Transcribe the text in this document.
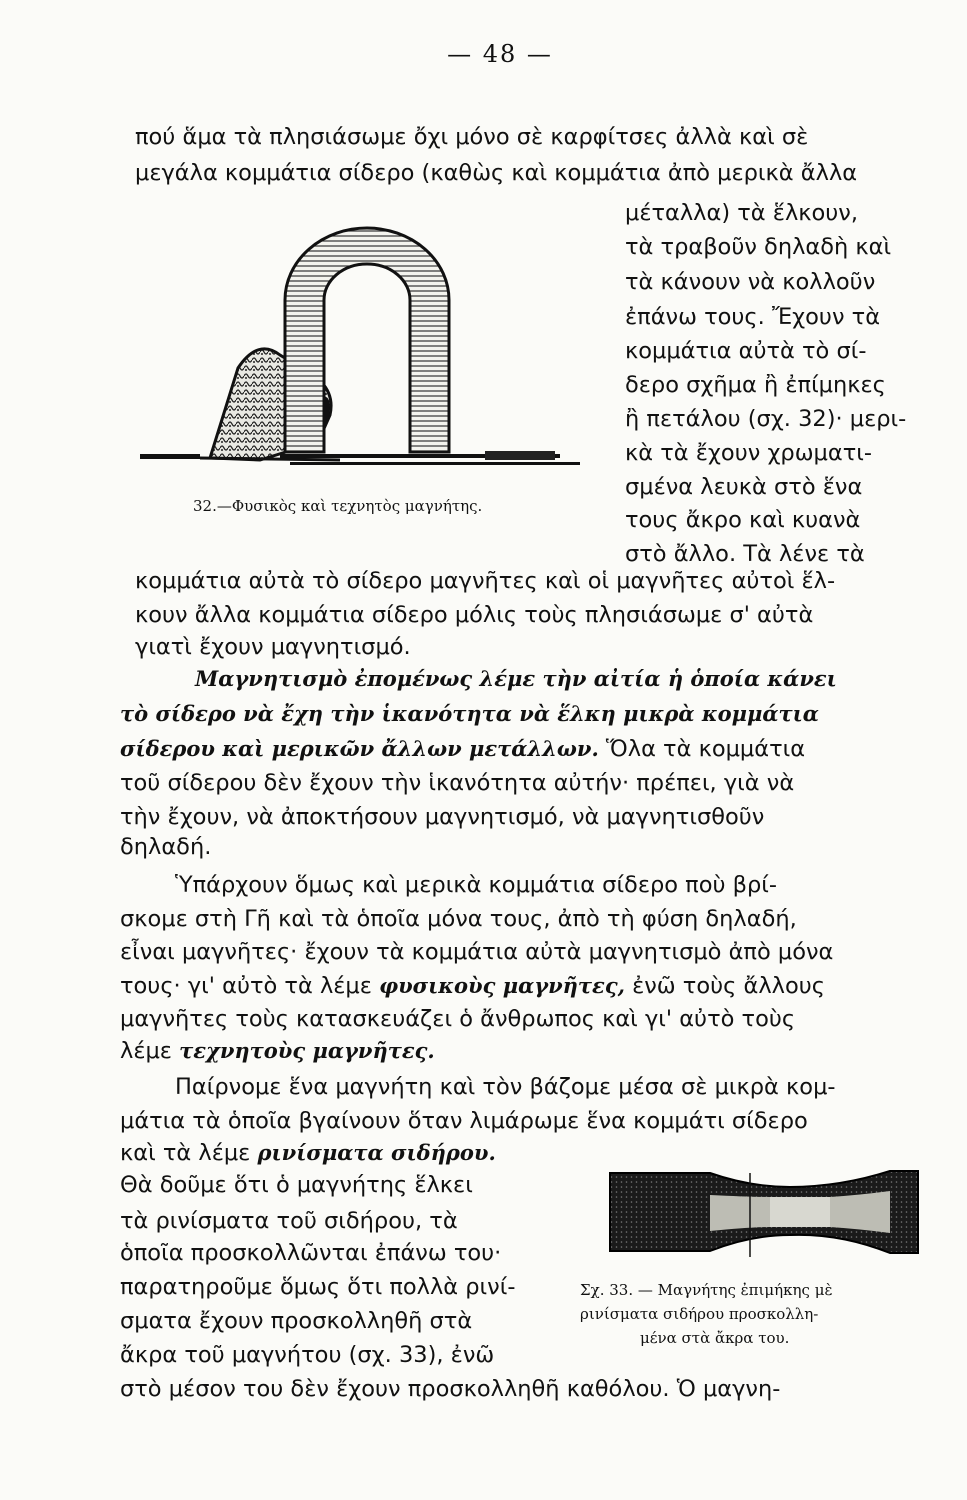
— 48 —
πού ἅμα τὰ πλησιάσωμε ὄχι μόνο σὲ καρφίτσες ἀλλὰ καὶ σὲ
μεγάλα κομμάτια σίδερο (καθὼς καὶ κομμάτια ἀπὸ μερικὰ ἄλλα
μέταλλα) τὰ ἕλκουν,
τὰ τραβοῦν δηλαδὴ καὶ
τὰ κάνουν νὰ κολλοῦν
ἐπάνω τους. Ἔχουν τὰ
κομμάτια αὐτὰ τὸ σί-
δερο σχῆμα ἢ ἐπίμηκες
ἢ πετάλου (σχ. 32)· μερι-
κὰ τὰ ἔχουν χρωματι-
σμένα λευκὰ στὸ ἕνα
τους ἄκρο καὶ κυανὰ
στὸ ἄλλο. Τὰ λένε τὰ
κομμάτια αὐτὰ τὸ σίδερο μαγνῆτες καὶ οἱ μαγνῆτες αὐτοὶ ἕλ-
κουν ἄλλα κομμάτια σίδερο μόλις τοὺς πλησιάσωμε σ' αὐτὰ
γιατὶ ἔχουν μαγνητισμό.
32.—Φυσικὸς καὶ τεχνητὸς μαγνήτης.
Μαγνητισμὸ ἐπομένως λέμε τὴν αἰτία ἡ ὁποία κάνει
τὸ σίδερο νὰ ἔχη τὴν ἱκανότητα νὰ ἕλκη μικρὰ κομμάτια
σίδερου καὶ μερικῶν ἄλλων μετάλλων. Ὅλα τὰ κομμάτια
τοῦ σίδερου δὲν ἔχουν τὴν ἱκανότητα αὐτήν· πρέπει, γιὰ νὰ
τὴν ἔχουν, νὰ ἀποκτήσουν μαγνητισμό, νὰ μαγνητισθοῦν
δηλαδή.
Ὑπάρχουν ὅμως καὶ μερικὰ κομμάτια σίδερο ποὺ βρί-
σκομε στὴ Γῆ καὶ τὰ ὁποῖα μόνα τους, ἀπὸ τὴ φύση δηλαδή,
εἶναι μαγνῆτες· ἔχουν τὰ κομμάτια αὐτὰ μαγνητισμὸ ἀπὸ μόνα
τους· γι' αὐτὸ τὰ λέμε φυσικοὺς μαγνῆτες, ἐνῶ τοὺς ἄλλους
μαγνῆτες τοὺς κατασκευάζει ὁ ἄνθρωπος καὶ γι' αὐτὸ τοὺς
λέμε τεχνητοὺς μαγνῆτες.
Παίρνομε ἕνα μαγνήτη καὶ τὸν βάζομε μέσα σὲ μικρὰ κομ-
μάτια τὰ ὁποῖα βγαίνουν ὅταν λιμάρωμε ἕνα κομμάτι σίδερο
καὶ τὰ λέμε ρινίσματα σιδήρου.
Θὰ δοῦμε ὅτι ὁ μαγνήτης ἕλκει
τὰ ρινίσματα τοῦ σιδήρου, τὰ
ὁποῖα προσκολλῶνται ἐπάνω του·
παρατηροῦμε ὅμως ὅτι πολλὰ ρινί-
σματα ἔχουν προσκολληθῆ στὰ
ἄκρα τοῦ μαγνήτου (σχ. 33), ἐνῶ
στὸ μέσον του δὲν ἔχουν προσκολληθῆ καθόλου. Ὁ μαγνη-
Σχ. 33. — Μαγνήτης ἐπιμήκης μὲ
ρινίσματα σιδήρου προσκολλη-
μένα στὰ ἄκρα του.
